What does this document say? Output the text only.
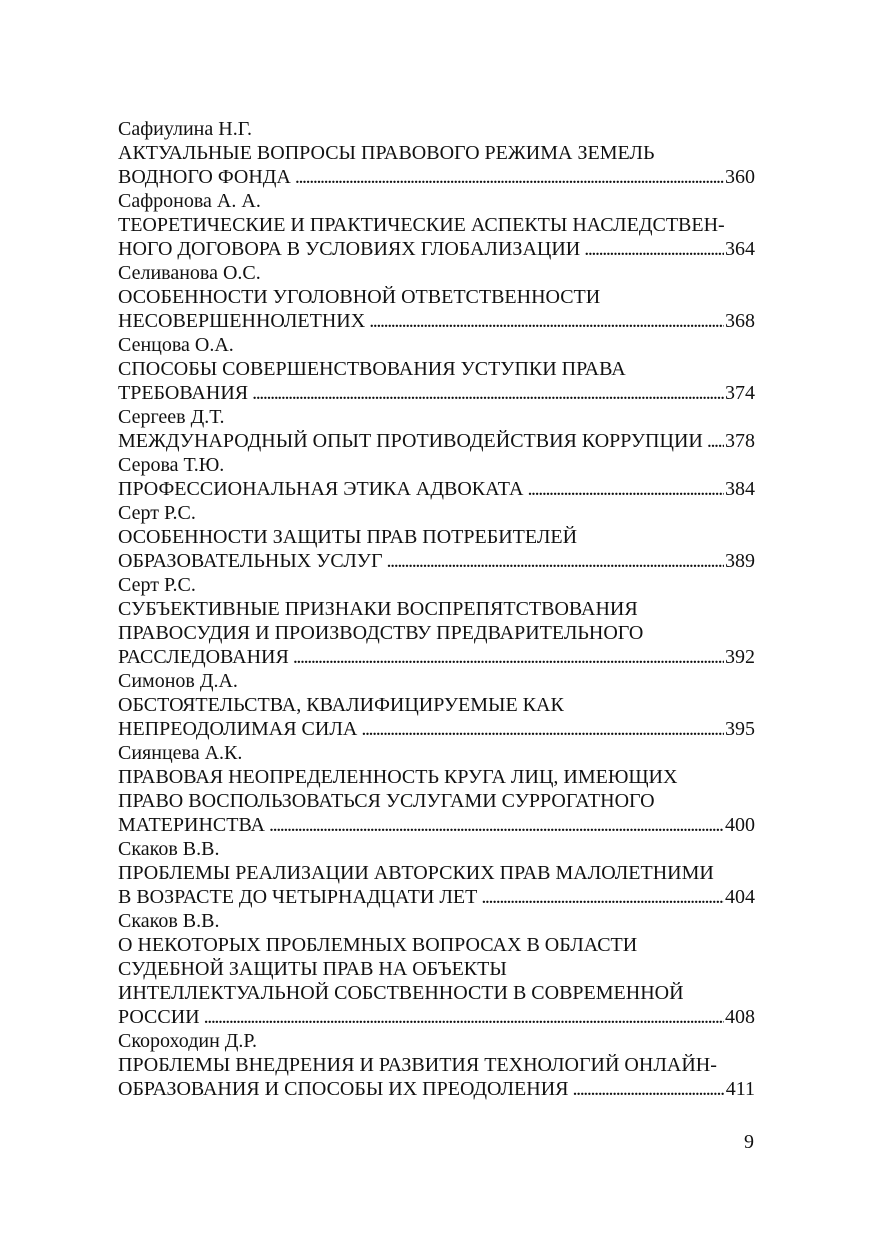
Сафиулина Н.Г.
АКТУАЛЬНЫЕ ВОПРОСЫ ПРАВОВОГО РЕЖИМА ЗЕМЕЛЬ
ВОДНОГО ФОНДА . . .	360
Сафронова А. А.
ТЕОРЕТИЧЕСКИЕ И ПРАКТИЧЕСКИЕ АСПЕКТЫ НАСЛЕДСТВЕН-
НОГО ДОГОВОРА В УСЛОВИЯХ ГЛОБАЛИЗАЦИИ . . .	364
Селиванова О.С.
ОСОБЕННОСТИ УГОЛОВНОЙ ОТВЕТСТВЕННОСТИ
НЕСОВЕРШЕННОЛЕТНИХ . . .	368
Сенцова О.А.
СПОСОБЫ СОВЕРШЕНСТВОВАНИЯ УСТУПКИ ПРАВА
ТРЕБОВАНИЯ . . .	374
Сергеев Д.Т.
МЕЖДУНАРОДНЫЙ ОПЫТ ПРОТИВОДЕЙСТВИЯ КОРРУПЦИИ . . . 378
Серова Т.Ю.
ПРОФЕССИОНАЛЬНАЯ ЭТИКА АДВОКАТА . . .	384
Серт Р.С.
ОСОБЕННОСТИ ЗАЩИТЫ ПРАВ ПОТРЕБИТЕЛЕЙ
ОБРАЗОВАТЕЛЬНЫХ УСЛУГ . . .	389
Серт Р.С.
СУБЪЕКТИВНЫЕ ПРИЗНАКИ ВОСПРЕПЯТСТВОВАНИЯ
ПРАВОСУДИЯ И ПРОИЗВОДСТВУ ПРЕДВАРИТЕЛЬНОГО
РАССЛЕДОВАНИЯ . . .	392
Симонов Д.А.
ОБСТОЯТЕЛЬСТВА, КВАЛИФИЦИРУЕМЫЕ КАК
НЕПРЕОДОЛИМАЯ СИЛА . . .	395
Сиянцева А.К.
ПРАВОВАЯ НЕОПРЕДЕЛЕННОСТЬ КРУГА ЛИЦ, ИМЕЮЩИХ
ПРАВО ВОСПОЛЬЗОВАТЬСЯ УСЛУГАМИ СУРРОГАТНОГО
МАТЕРИНСТВА . . .	400
Скаков В.В.
ПРОБЛЕМЫ РЕАЛИЗАЦИИ АВТОРСКИХ ПРАВ МАЛОЛЕТНИМИ
В ВОЗРАСТЕ ДО ЧЕТЫРНАДЦАТИ ЛЕТ . . .	404
Скаков В.В.
О НЕКОТОРЫХ ПРОБЛЕМНЫХ ВОПРОСАХ В ОБЛАСТИ
СУДЕБНОЙ ЗАЩИТЫ ПРАВ НА ОБЪЕКТЫ
ИНТЕЛЛЕКТУАЛЬНОЙ СОБСТВЕННОСТИ В СОВРЕМЕННОЙ
РОССИИ . . .	408
Скороходин Д.Р.
ПРОБЛЕМЫ ВНЕДРЕНИЯ И РАЗВИТИЯ ТЕХНОЛОГИЙ ОНЛАЙН-
ОБРАЗОВАНИЯ И СПОСОБЫ ИХ ПРЕОДОЛЕНИЯ . . .	411
9
